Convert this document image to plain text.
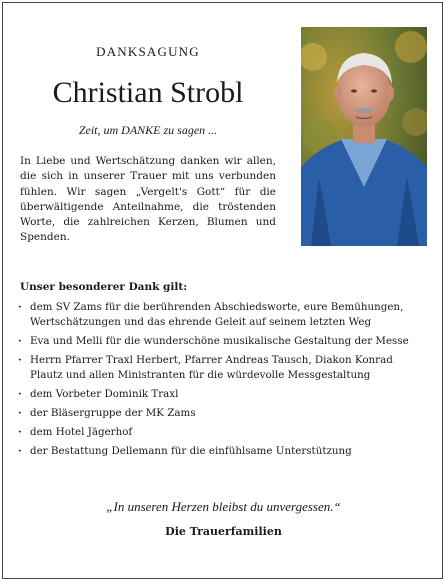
DANKSAGUNG
Christian Strobl
Zeit, um DANKE zu sagen ...
In Liebe und Wertschätzung danken wir allen, die sich in unserer Trauer mit uns verbunden fühlen. Wir sagen „Vergelt's Gott“ für die überwältigende Anteilnahme, die tröstenden Worte, die zahlreichen Kerzen, Blumen und Spenden.
Unser besonderer Dank gilt:
· dem SV Zams für die berührenden Abschiedsworte, eure Bemühungen, Wertschätzungen und das ehrende Geleit auf seinem letzten Weg
· Eva und Melli für die wunderschöne musikalische Gestaltung der Messe
· Herrn Pfarrer Traxl Herbert, Pfarrer Andreas Tausch, Diakon Konrad Plautz und allen Ministranten für die würdevolle Messgestaltung
· dem Vorbeter Dominik Traxl
· der Bläsergruppe der MK Zams
· dem Hotel Jägerhof
· der Bestattung Dellemann für die einfühlsame Unterstützung
„In unseren Herzen bleibst du unvergessen.“
Die Trauerfamilien
